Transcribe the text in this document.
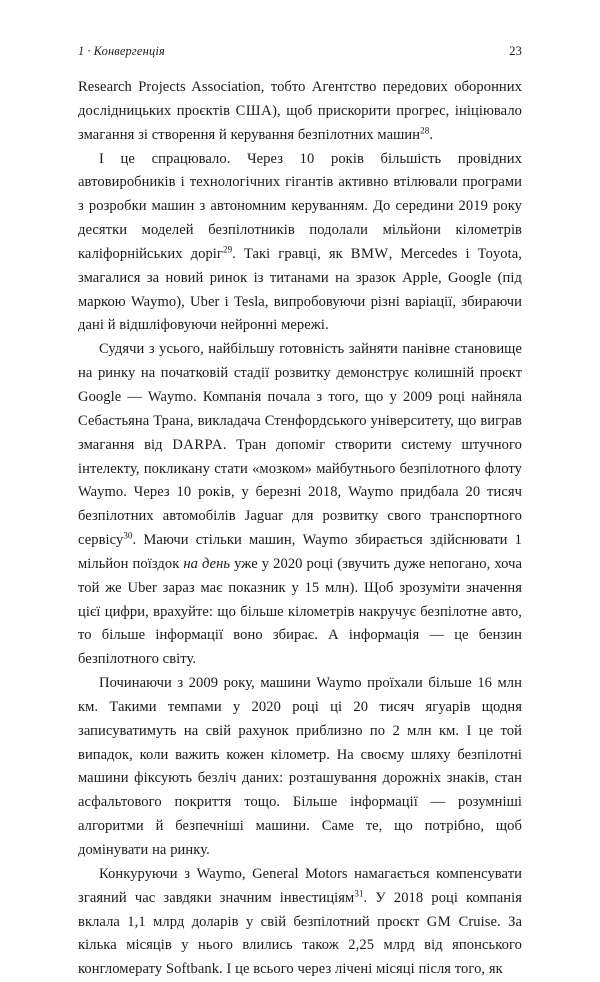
1 · Конвергенція	23

Research Projects Association, тобто Агентство передових оборонних дослідницьких проєктів США), щоб прискорити прогрес, ініціювало змагання зі створення й керування безпілотних машин$^{28}$.

І це спрацювало. Через 10 років більшість провідних автовиробників і технологічних гігантів активно втілювали програми з розробки машин з автономним керуванням. До середини 2019 року десятки моделей безпілотників подолали мільйони кілометрів каліфорнійських доріг$^{29}$. Такі гравці, як BMW, Mercedes і Toyota, змагалися за новий ринок із титанами на зразок Apple, Google (під маркою Waymo), Uber і Tesla, випробовуючи різні варіації, збираючи дані й відшліфовуючи нейронні мережі.

Судячи з усього, найбільшу готовність зайняти панівне становище на ринку на початковій стадії розвитку демонструє колишній проєкт Google — Waymo. Компанія почала з того, що у 2009 році найняла Себастьяна Трана, викладача Стенфордського університету, що виграв змагання від DARPA. Тран допоміг створити систему штучного інтелекту, покликану стати «мозком» майбутнього безпілотного флоту Waymo. Через 10 років, у березні 2018, Waymo придбала 20 тисяч безпілотних автомобілів Jaguar для розвитку свого транспортного сервісу$^{30}$. Маючи стільки машин, Waymo збирається здійснювати 1 мільйон поїздок на день уже у 2020 році (звучить дуже непогано, хоча той же Uber зараз має показник у 15 млн). Щоб зрозуміти значення цієї цифри, врахуйте: що більше кілометрів накручує безпілотне авто, то більше інформації воно збирає. А інформація — це бензин безпілотного світу.

Починаючи з 2009 року, машини Waymo проїхали більше 16 млн км. Такими темпами у 2020 році ці 20 тисяч ягуарів щодня записуватимуть на свій рахунок приблизно по 2 млн км. І це той випадок, коли важить кожен кілометр. На своєму шляху безпілотні машини фіксують безліч даних: розташування дорожніх знаків, стан асфальтового покриття тощо. Більше інформації — розумніші алгоритми й безпечніші машини. Саме те, що потрібно, щоб домінувати на ринку.

Конкуруючи з Waymo, General Motors намагається компенсувати згаяний час завдяки значним інвестиціям$^{31}$. У 2018 році компанія вклала 1,1 млрд доларів у свій безпілотний проєкт GM Cruise. За кілька місяців у нього влились також 2,25 млрд від японського конгломерату Softbank. І це всього через лічені місяці після того, як
